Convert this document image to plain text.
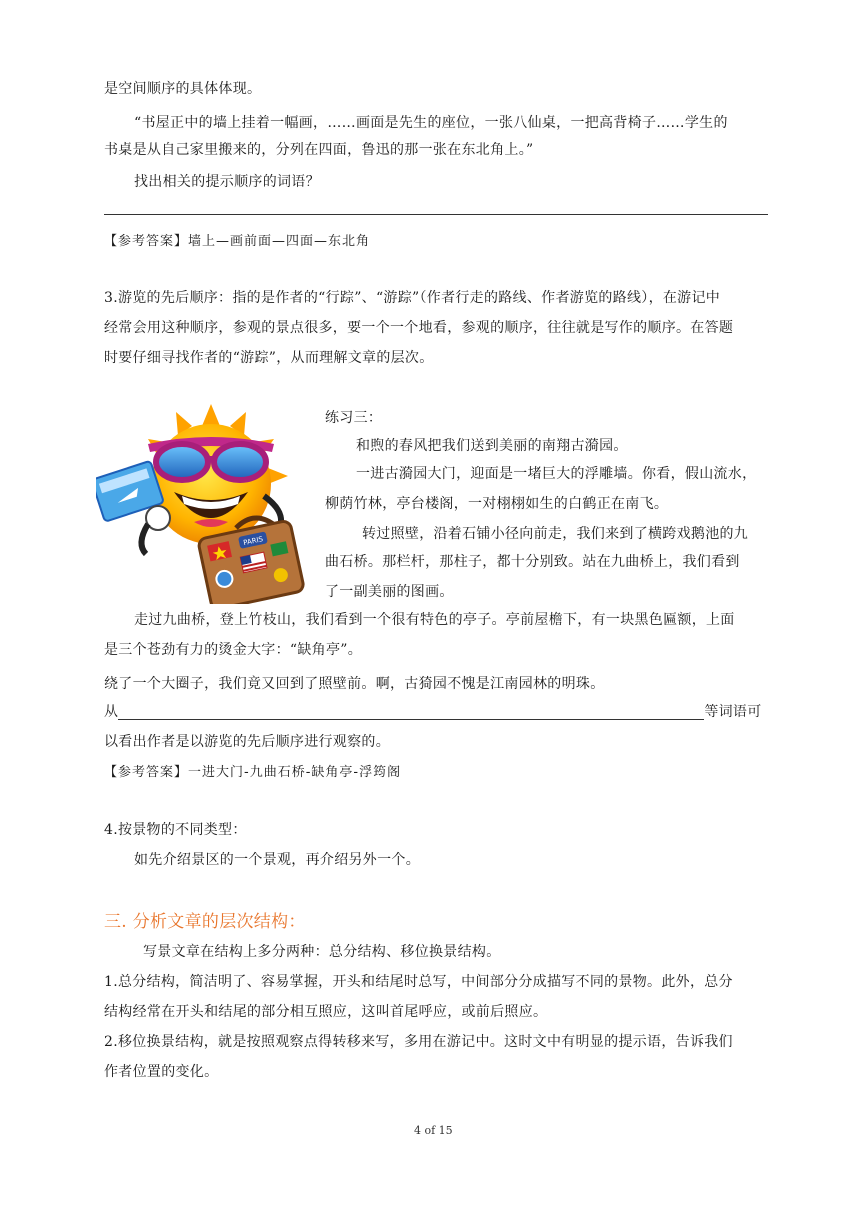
是空间顺序的具体体现。
“书屋正中的墙上挂着一幅画，……画面是先生的座位，一张八仙桌，一把高背椅子……学生的
书桌是从自己家里搬来的，分列在四面，鲁迅的那一张在东北角上。”
找出相关的提示顺序的词语？
【参考答案】墙上—画前面—四面—东北角
3.游览的先后顺序：指的是作者的“行踪”、“游踪”（作者行走的路线、作者游览的路线），在游记中
经常会用这种顺序，参观的景点很多，要一个一个地看，参观的顺序，往往就是写作的顺序。在答题
时要仔细寻找作者的“游踪”，从而理解文章的层次。
PARIS
练习三：
和煦的春风把我们送到美丽的南翔古漪园。
一进古漪园大门，迎面是一堵巨大的浮雕墙。你看，假山流水，
柳荫竹林，亭台楼阁，一对栩栩如生的白鹤正在南飞。
转过照壁，沿着石铺小径向前走，我们来到了横跨戏鹅池的九
曲石桥。那栏杆，那柱子，都十分别致。站在九曲桥上，我们看到
了一副美丽的图画。
走过九曲桥，登上竹枝山，我们看到一个很有特色的亭子。亭前屋檐下，有一块黑色匾额，上面
是三个苍劲有力的烫金大字：“缺角亭”。
绕了一个大圈子，我们竟又回到了照壁前。啊，古猗园不愧是江南园林的明珠。
从	等词语可
以看出作者是以游览的先后顺序进行观察的。
【参考答案】一进大门-九曲石桥-缺角亭-浮筠阁
4.按景物的不同类型：
如先介绍景区的一个景观，再介绍另外一个。
三. 分析文章的层次结构：
写景文章在结构上多分两种：总分结构、移位换景结构。
1.总分结构，简洁明了、容易掌握，开头和结尾时总写，中间部分分成描写不同的景物。此外，总分
结构经常在开头和结尾的部分相互照应，这叫首尾呼应，或前后照应。
2.移位换景结构，就是按照观察点得转移来写，多用在游记中。这时文中有明显的提示语，告诉我们
作者位置的变化。
4 of 15
